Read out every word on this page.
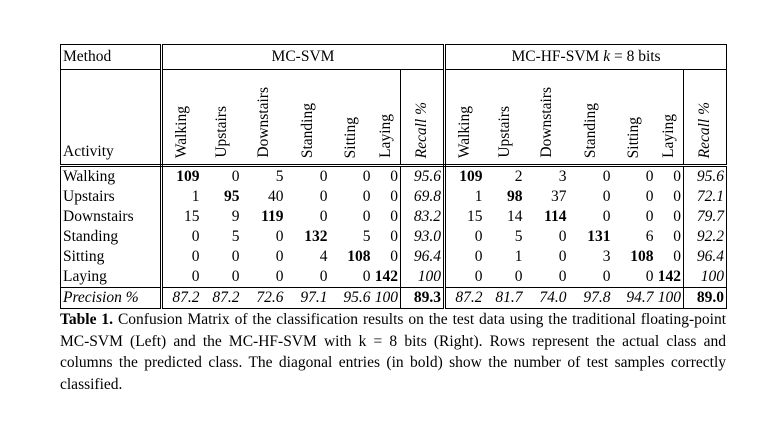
Method		MC-SVM							MC-HF-SVM k = 8 bits						
Activity		Walking	Upstairs	Downstairs	Standing	Sitting	Laying	Recall %	Walking	Upstairs	Downstairs	Standing	Sitting	Laying	Recall %
Walking		109	0	5	0	0	0	95.6	109	2	3	0	0	0	95.6
Upstairs		1	95	40	0	0	0	69.8	1	98	37	0	0	0	72.1
Downstairs		15	9	119	0	0	0	83.2	15	14	114	0	0	0	79.7
Standing		0	5	0	132	5	0	93.0	0	5	0	131	6	0	92.2
Sitting		0	0	0	4	108	0	96.4	0	1	0	3	108	0	96.4
Laying		0	0	0	0	0	142	100	0	0	0	0	0	142	100
Precision %		87.2	87.2	72.6	97.1	95.6	100	89.3	87.2	81.7	74.0	97.8	94.7	100	89.0
Table 1. Confusion Matrix of the classification results on the test data using the traditional floating-point MC-SVM (Left) and the MC-HF-SVM with k = 8 bits (Right). Rows represent the actual class and columns the predicted class. The diagonal entries (in bold) show the number of test samples correctly classified.
